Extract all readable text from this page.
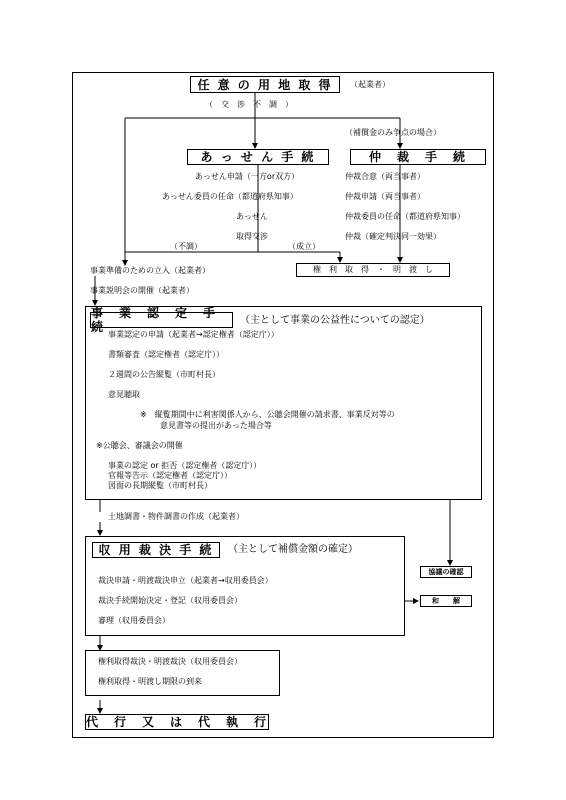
任 意 の 用 地 取 得 （起業者）
（　交　渉　不　調　）
（補償金のみ争点の場合）
あ っ せ ん 手 続
あっせん申請（一方or双方）
あっせん委員の任命（都道府県知事）
あっせん
取得交渉
（不調）	（成立）
仲　裁　手　続
仲裁合意（両当事者）
仲裁申請（両当事者）
仲裁委員の任命（都道府県知事）
仲裁（確定判決同一効果）
権　利　取　得　・　明　渡　し
事業準備のための立入（起業者）
事業説明会の開催（起業者）
事　業　認　定　手　続	（主として事業の公益性についての認定）
事業認定の申請（起業者→認定権者（認定庁））
書類審査（認定権者（認定庁））
２週間の公告縦覧（市町村長）
意見聴取
※　縦覧期間中に利害関係人から、公聴会開催の請求書、事業反対等の
意見書等の提出があった場合等
※公聴会、審議会の開催
事業の認定 or 拒否（認定権者（認定庁））
官報等告示（認定権者（認定庁））
図面の長期縦覧（市町村長）
土地調書・物件調書の作成（起業者）
収 用 裁 決 手 続 （主として補償金額の確定）
裁決申請・明渡裁決申立（起業者→収用委員会）
裁決手続開始決定・登記（収用委員会）
審理（収用委員会）
権利取得裁決・明渡裁決（収用委員会）
権利取得・明渡し期限の到来
協議の確認
和　　解
代　行　又　は　代　執　行
